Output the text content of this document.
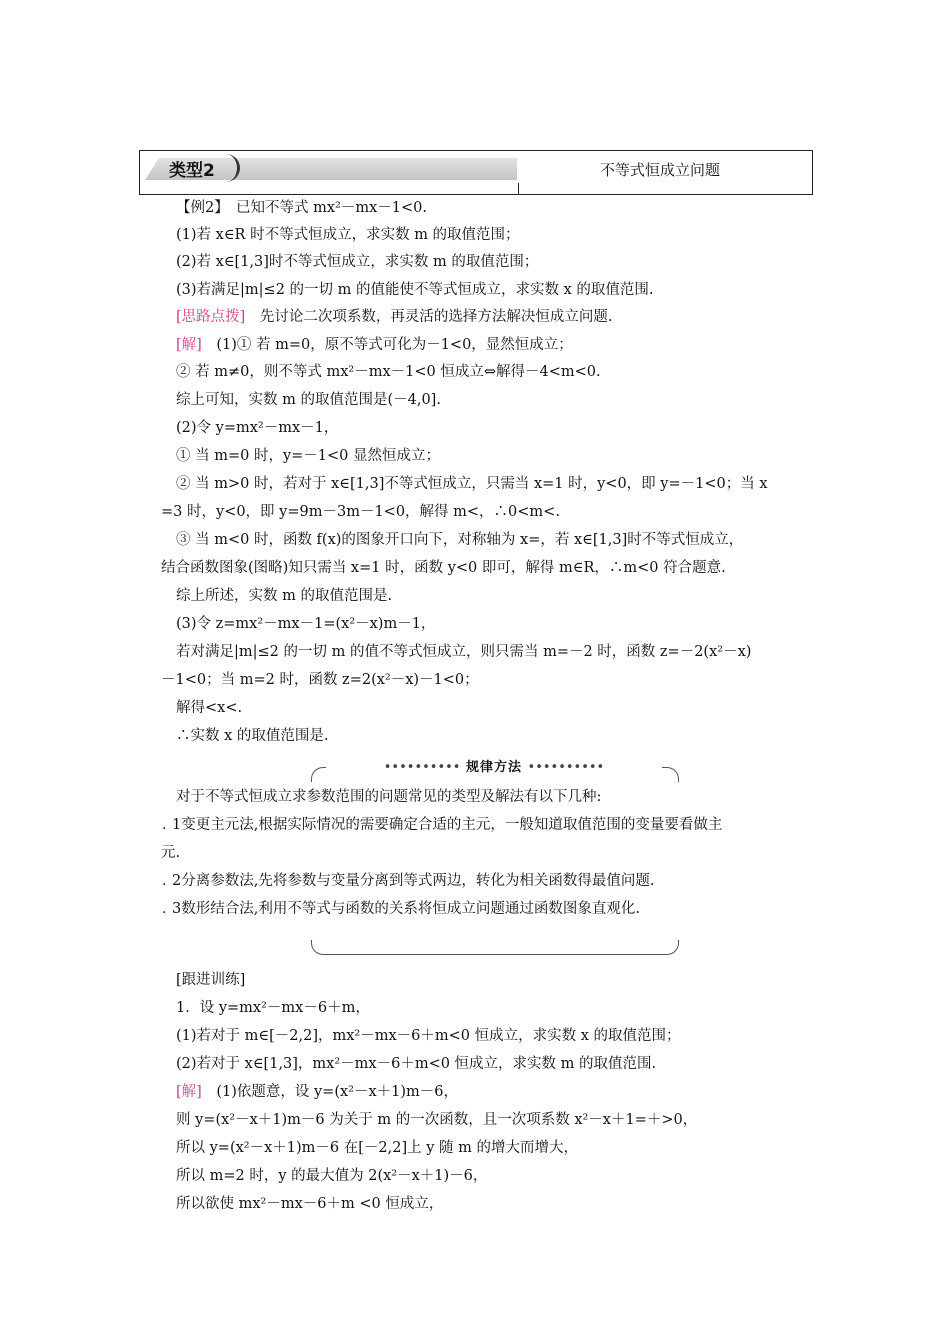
类型2	不等式恒成立问题
【例2】　已知不等式 mx²－mx－1<0.
(1)若 x∈R 时不等式恒成立，求实数 m 的取值范围；
(2)若 x∈[1,3]时不等式恒成立，求实数 m 的取值范围；
(3)若满足|m|≤2 的一切 m 的值能使不等式恒成立，求实数 x 的取值范围.
[思路点拨]　先讨论二次项系数，再灵活的选择方法解决恒成立问题.
[解]　(1)① 若 m=0，原不等式可化为－1<0，显然恒成立；
② 若 m≠0，则不等式 mx²－mx－1<0 恒成立⇔解得－4<m<0.
综上可知，实数 m 的取值范围是(－4,0].
(2)令 y=mx²－mx－1，
① 当 m=0 时，y=－1<0 显然恒成立；
② 当 m>0 时，若对于 x∈[1,3]不等式恒成立，只需当 x=1 时，y<0，即 y=－1<0；当 x
=3 时，y<0，即 y=9m－3m－1<0，解得 m<，∴0<m<.
③ 当 m<0 时，函数 f(x)的图象开口向下，对称轴为 x=，若 x∈[1,3]时不等式恒成立，
结合函数图象(图略)知只需当 x=1 时，函数 y<0 即可，解得 m∈R，∴m<0 符合题意.
综上所述，实数 m 的取值范围是.
(3)令 z=mx²－mx－1=(x²－x)m－1，
若对满足|m|≤2 的一切 m 的值不等式恒成立，则只需当 m=－2 时，函数 z=－2(x²－x)
－1<0；当 m=2 时，函数 z=2(x²－x)－1<0；
解得<x<.
∴实数 x 的取值范围是.
•••••••••• 规律方法 ••••••••••
对于不等式恒成立求参数范围的问题常见的类型及解法有以下几种:
. 1变更主元法,根据实际情况的需要确定合适的主元，一般知道取值范围的变量要看做主
元.
. 2分离参数法,先将参数与变量分离到等式两边，转化为相关函数得最值问题.
. 3数形结合法,利用不等式与函数的关系将恒成立问题通过函数图象直观化.
[跟进训练]
1．设 y=mx²－mx－6＋m，
(1)若对于 m∈[－2,2]，mx²－mx－6＋m<0 恒成立，求实数 x 的取值范围；
(2)若对于 x∈[1,3]，mx²－mx－6＋m<0 恒成立，求实数 m 的取值范围.
[解]　(1)依题意，设 y=(x²－x＋1)m－6，
则 y=(x²－x＋1)m－6 为关于 m 的一次函数，且一次项系数 x²－x＋1=＋>0，
所以 y=(x²－x＋1)m－6 在[－2,2]上 y 随 m 的增大而增大，
所以 m=2 时，y 的最大值为 2(x²－x＋1)－6，
所以欲使 mx²－mx－6＋m <0 恒成立，
